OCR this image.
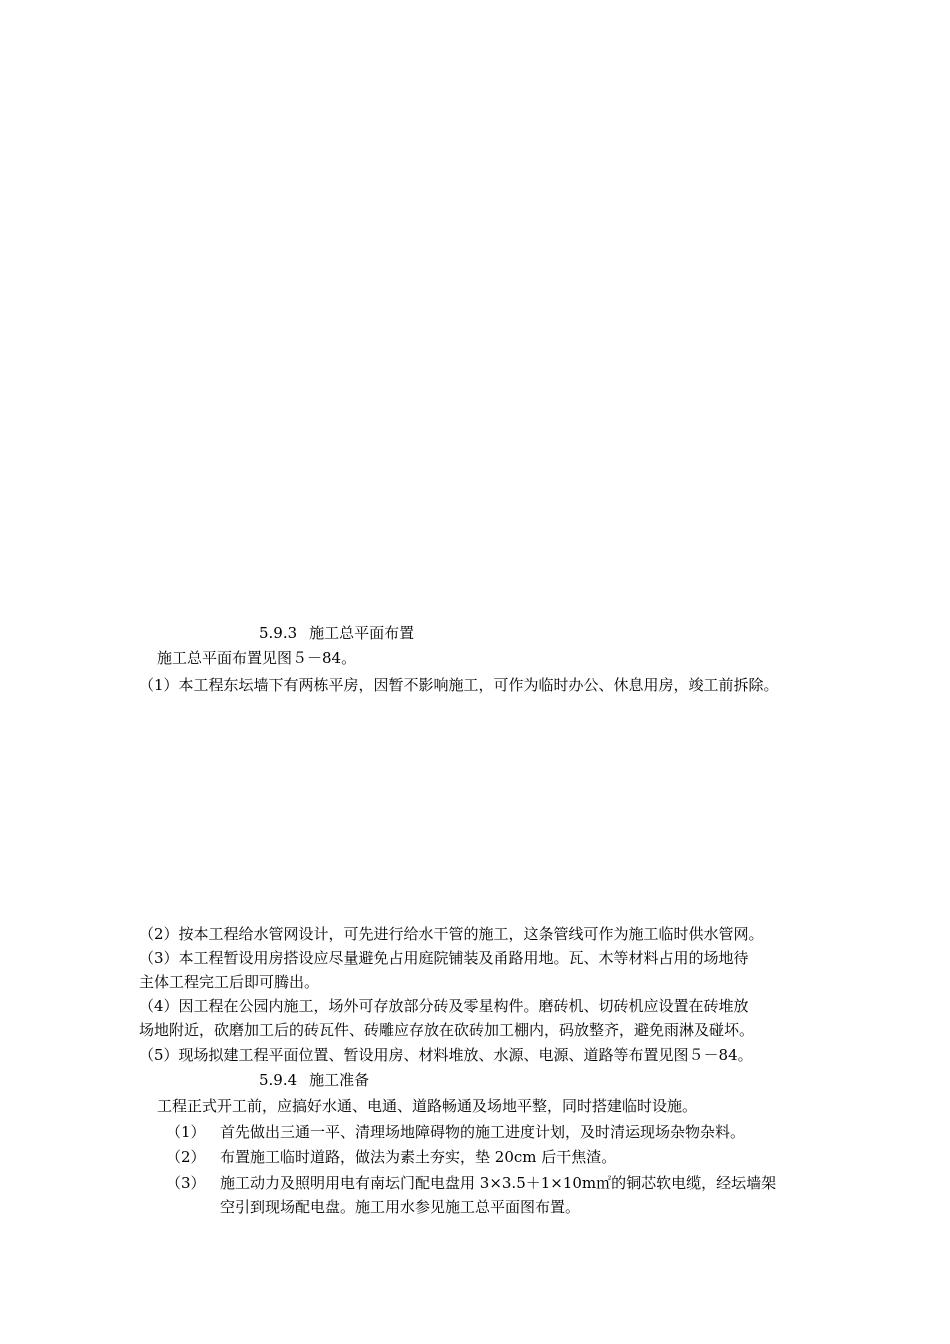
5.9.3 施工总平面布置
施工总平面布置见图５－84。
（1）本工程东坛墙下有两栋平房，因暂不影响施工，可作为临时办公、休息用房，竣工前拆除。
（2）按本工程给水管网设计，可先进行给水干管的施工，这条管线可作为施工临时供水管网。
（3）本工程暂设用房搭设应尽量避免占用庭院铺装及甬路用地。瓦、木等材料占用的场地待
主体工程完工后即可腾出。
（4）因工程在公园内施工，场外可存放部分砖及零星构件。磨砖机、切砖机应设置在砖堆放
场地附近，砍磨加工后的砖瓦件、砖雕应存放在砍砖加工棚内，码放整齐，避免雨淋及碰坏。
（5）现场拟建工程平面位置、暂设用房、材料堆放、水源、电源、道路等布置见图５－84。
5.9.4 施工准备
工程正式开工前，应搞好水通、电通、道路畅通及场地平整，同时搭建临时设施。
（1） 首先做出三通一平、清理场地障碍物的施工进度计划，及时清运现场杂物杂料。
（2） 布置施工临时道路，做法为素土夯实，垫 20cm 后干焦渣。
（3） 施工动力及照明用电有南坛门配电盘用 3×3.5＋1×10m㎡的铜芯软电缆，经坛墙架
空引到现场配电盘。施工用水参见施工总平面图布置。
